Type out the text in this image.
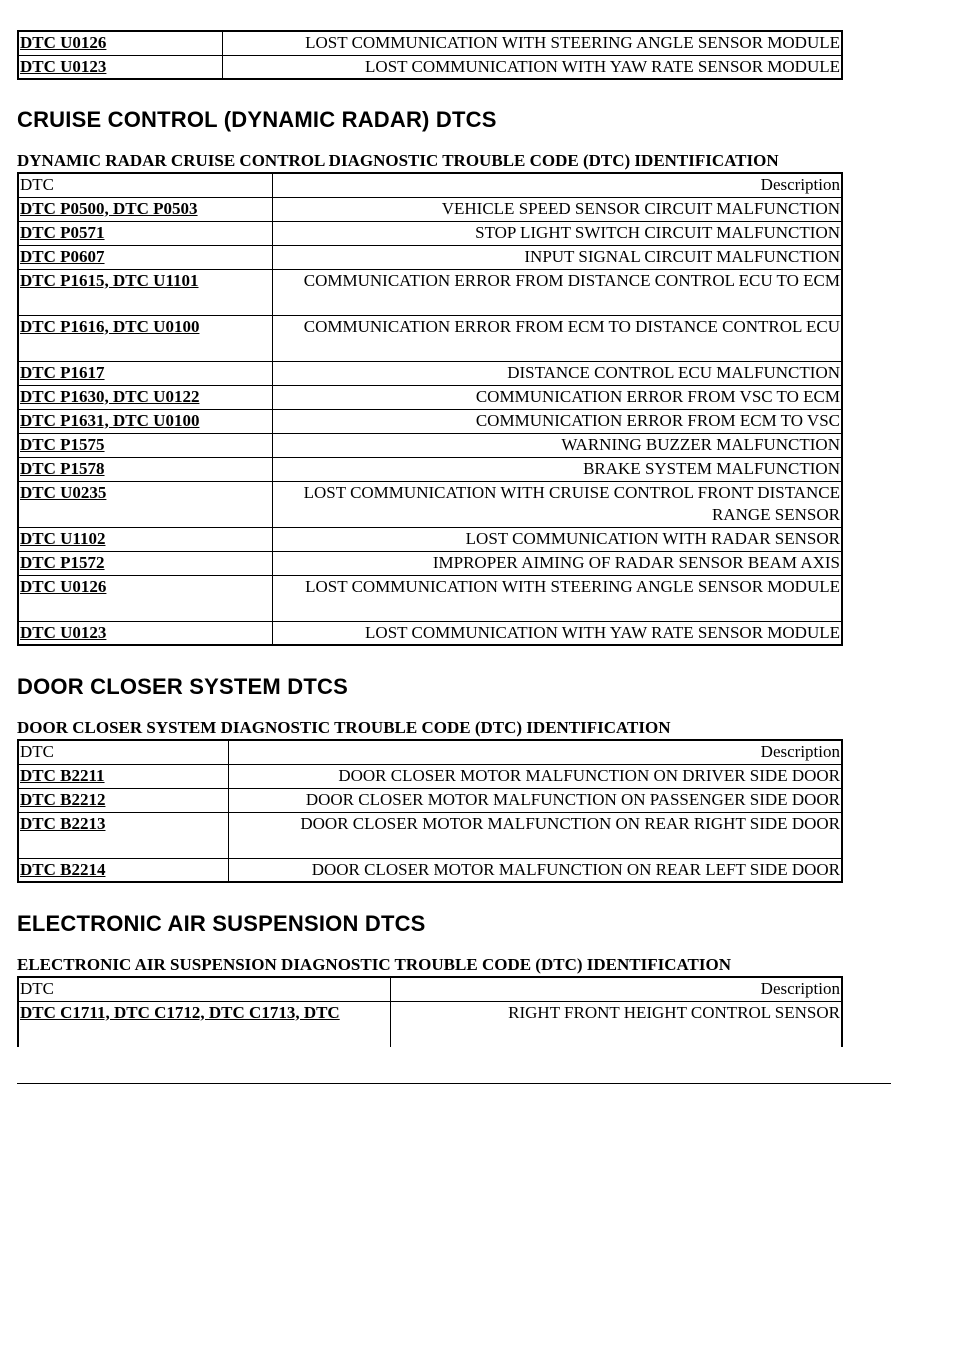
DTC U0126	LOST COMMUNICATION WITH STEERING ANGLE SENSOR MODULE
DTC U0123	LOST COMMUNICATION WITH YAW RATE SENSOR MODULE
CRUISE CONTROL (DYNAMIC RADAR) DTCS
DYNAMIC RADAR CRUISE CONTROL DIAGNOSTIC TROUBLE CODE (DTC) IDENTIFICATION
DTC	Description
DTC P0500, DTC P0503	VEHICLE SPEED SENSOR CIRCUIT MALFUNCTION
DTC P0571	STOP LIGHT SWITCH CIRCUIT MALFUNCTION
DTC P0607	INPUT SIGNAL CIRCUIT MALFUNCTION
DTC P1615, DTC U1101	COMMUNICATION ERROR FROM DISTANCE CONTROL ECU TO ECM
DTC P1616, DTC U0100	COMMUNICATION ERROR FROM ECM TO DISTANCE CONTROL ECU
DTC P1617	DISTANCE CONTROL ECU MALFUNCTION
DTC P1630, DTC U0122	COMMUNICATION ERROR FROM VSC TO ECM
DTC P1631, DTC U0100	COMMUNICATION ERROR FROM ECM TO VSC
DTC P1575	WARNING BUZZER MALFUNCTION
DTC P1578	BRAKE SYSTEM MALFUNCTION
DTC U0235	LOST COMMUNICATION WITH CRUISE CONTROL FRONT DISTANCE RANGE SENSOR
DTC U1102	LOST COMMUNICATION WITH RADAR SENSOR
DTC P1572	IMPROPER AIMING OF RADAR SENSOR BEAM AXIS
DTC U0126	LOST COMMUNICATION WITH STEERING ANGLE SENSOR MODULE
DTC U0123	LOST COMMUNICATION WITH YAW RATE SENSOR MODULE
DOOR CLOSER SYSTEM DTCS
DOOR CLOSER SYSTEM DIAGNOSTIC TROUBLE CODE (DTC) IDENTIFICATION
DTC	Description
DTC B2211	DOOR CLOSER MOTOR MALFUNCTION ON DRIVER SIDE DOOR
DTC B2212	DOOR CLOSER MOTOR MALFUNCTION ON PASSENGER SIDE DOOR
DTC B2213	DOOR CLOSER MOTOR MALFUNCTION ON REAR RIGHT SIDE DOOR
DTC B2214	DOOR CLOSER MOTOR MALFUNCTION ON REAR LEFT SIDE DOOR
ELECTRONIC AIR SUSPENSION DTCS
ELECTRONIC AIR SUSPENSION DIAGNOSTIC TROUBLE CODE (DTC) IDENTIFICATION
DTC	Description
DTC C1711, DTC C1712, DTC C1713, DTC	RIGHT FRONT HEIGHT CONTROL SENSOR
